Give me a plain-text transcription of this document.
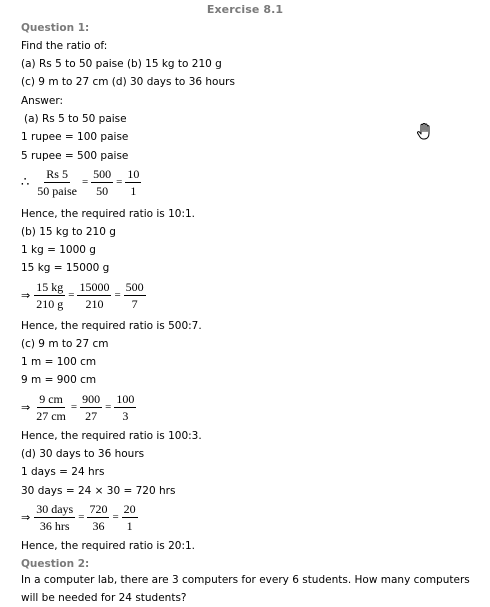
Exercise 8.1
Question 1:
Find the ratio of:
(a) Rs 5 to 50 paise (b) 15 kg to 210 g
(c) 9 m to 27 cm (d) 30 days to 36 hours
Answer:
(a) Rs 5 to 50 paise
1 rupee = 100 paise
5 rupee = 500 paise
∴ $\frac{Rs 5}{\text{50 paise}} = \frac{500}{50} = \frac{10}{1}$
Hence, the required ratio is 10:1.
(b) 15 kg to 210 g
1 kg = 1000 g
15 kg = 15000 g
⇒ $\frac{15 kg}{210 g} = \frac{15000}{210} = \frac{500}{7}$
Hence, the required ratio is 500:7.
(c) 9 m to 27 cm
1 m = 100 cm
9 m = 900 cm
⇒ $\frac{9 cm}{27 cm} = \frac{900}{27} = \frac{100}{3}$
Hence, the required ratio is 100:3.
(d) 30 days to 36 hours
1 days = 24 hrs
30 days = 24 × 30 = 720 hrs
⇒ $\frac{\text{30 days}}{\text{36 hrs}} = \frac{720}{36} = \frac{20}{1}$
Hence, the required ratio is 20:1.
Question 2:
In a computer lab, there are 3 computers for every 6 students. How many computers will be needed for 24 students?
